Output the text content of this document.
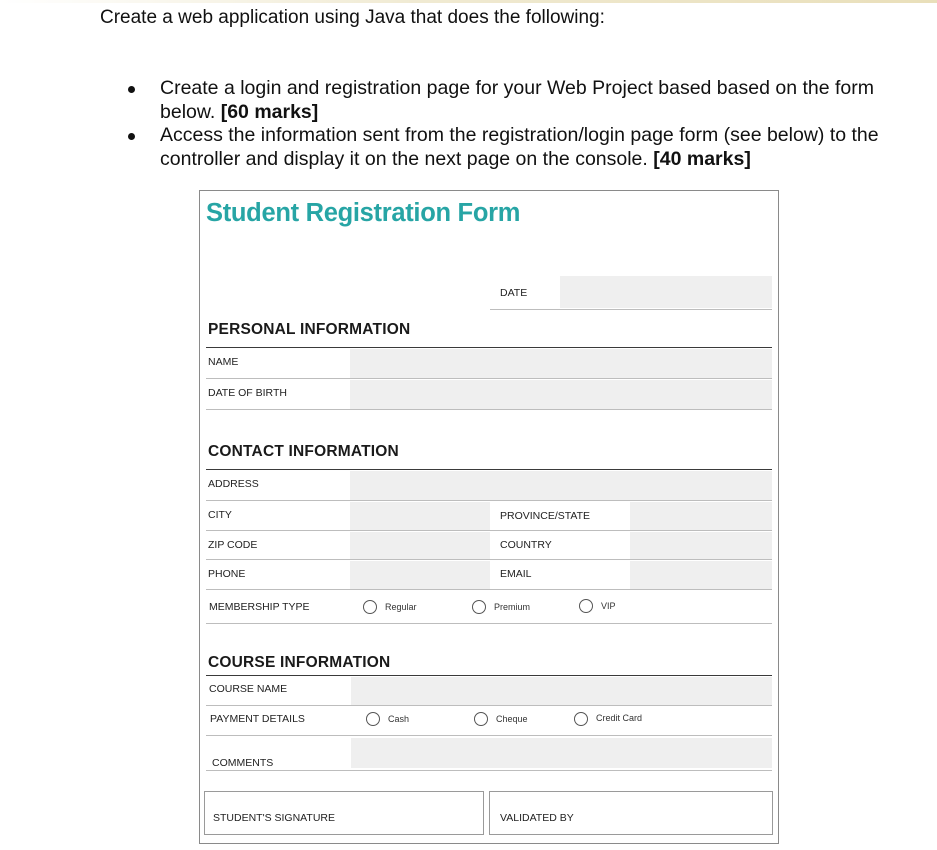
Create a web application using Java that does the following:
Create a login and registration page for your Web Project based based on the form below. [60 marks]
Access the information sent from the registration/login page form (see below) to the controller and display it on the next page on the console. [40 marks]
Student Registration Form
DATE
PERSONAL INFORMATION
NAME
DATE OF BIRTH
CONTACT INFORMATION
ADDRESS
CITY	PROVINCE/STATE
ZIP CODE	COUNTRY
PHONE	EMAIL
MEMBERSHIP TYPE	Regular	Premium	VIP
COURSE INFORMATION
COURSE NAME
PAYMENT DETAILS	Cash	Cheque	Credit Card
COMMENTS
STUDENT'S SIGNATURE	VALIDATED BY
